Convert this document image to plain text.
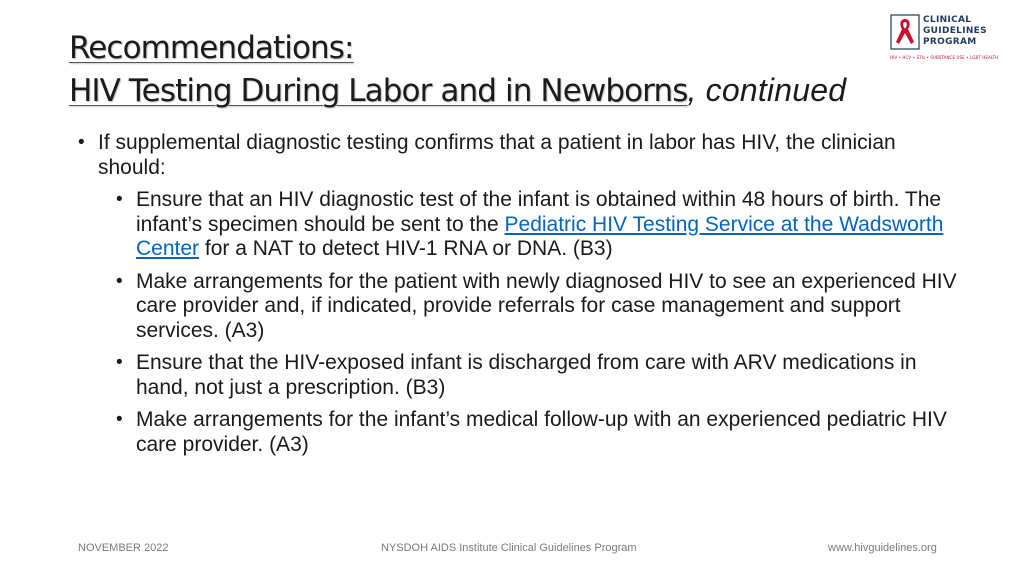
Recommendations:
HIV Testing During Labor and in Newborns, continued
CLINICAL
GUIDELINES
PROGRAM
HIV • HCV • STIs • SUBSTANCE USE • LGBT HEALTH
• If supplemental diagnostic testing confirms that a patient in labor has HIV, the clinician should:
• Ensure that an HIV diagnostic test of the infant is obtained within 48 hours of birth. The infant’s specimen should be sent to the Pediatric HIV Testing Service at the Wadsworth Center for a NAT to detect HIV-1 RNA or DNA. (B3)
• Make arrangements for the patient with newly diagnosed HIV to see an experienced HIV care provider and, if indicated, provide referrals for case management and support services. (A3)
• Ensure that the HIV-exposed infant is discharged from care with ARV medications in hand, not just a prescription. (B3)
• Make arrangements for the infant’s medical follow-up with an experienced pediatric HIV care provider. (A3)
NOVEMBER 2022	NYSDOH AIDS Institute Clinical Guidelines Program	www.hivguidelines.org
